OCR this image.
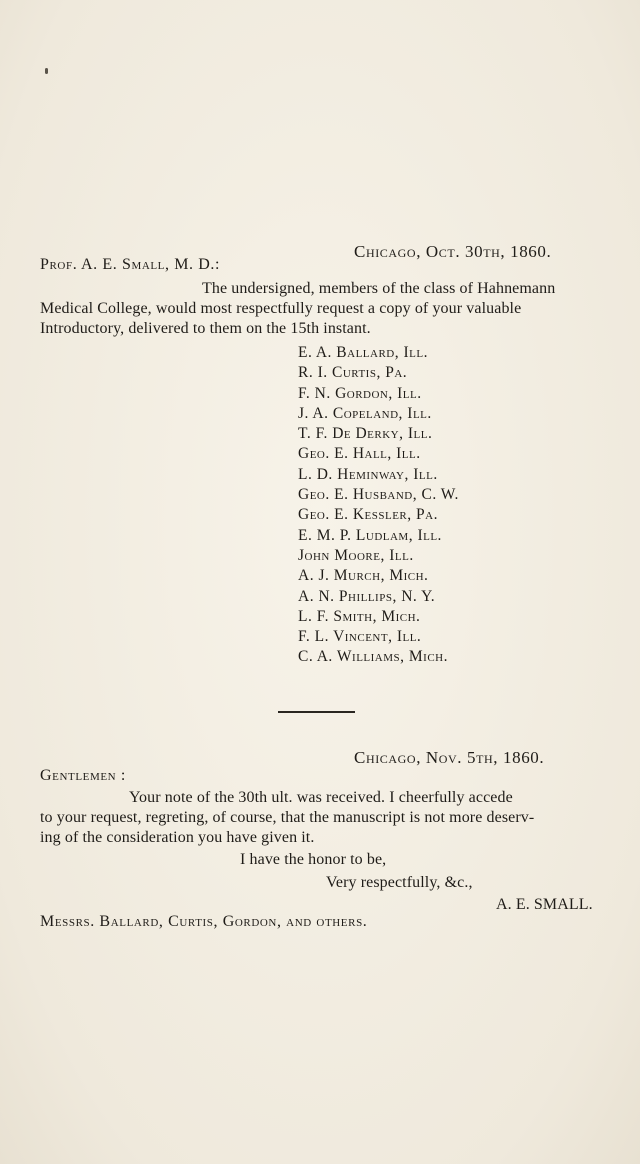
Chicago, Oct. 30th, 1860.
Prof. A. E. Small, M. D.:
The undersigned, members of the class of Hahnemann
Medical College, would most respectfully request a copy of your valuable
Introductory, delivered to them on the 15th instant.
E. A. Ballard, Ill.
R. I. Curtis, Pa.
F. N. Gordon, Ill.
J. A. Copeland, Ill.
T. F. De Derky, Ill.
Geo. E. Hall, Ill.
L. D. Heminway, Ill.
Geo. E. Husband, C. W.
Geo. E. Kessler, Pa.
E. M. P. Ludlam, Ill.
John Moore, Ill.
A. J. Murch, Mich.
A. N. Phillips, N. Y.
L. F. Smith, Mich.
F. L. Vincent, Ill.
C. A. Williams, Mich.
Chicago, Nov. 5th, 1860.
Gentlemen :
Your note of the 30th ult. was received. I cheerfully accede
to your request, regreting, of course, that the manuscript is not more deserv-
ing of the consideration you have given it.
I have the honor to be,
Very respectfully, &c.,
A. E. SMALL.
Messrs. Ballard, Curtis, Gordon, and others.
